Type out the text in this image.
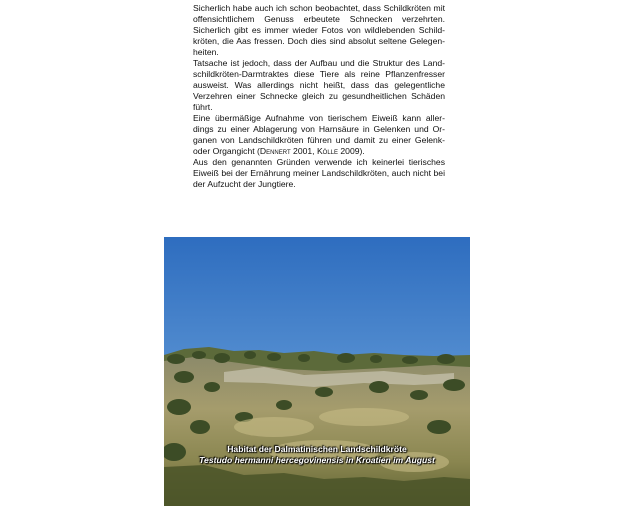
Sicherlich habe auch ich schon beobachtet, dass Schildkröten mit offensichtlichem Genuss erbeutete Schnecken verzehrten. Sicherlich gibt es immer wieder Fotos von wildlebenden Schildkröten, die Aas fressen. Doch dies sind absolut seltene Gelegenheiten.

Tatsache ist jedoch, dass der Aufbau und die Struktur des Landschildkröten-Darmtraktes diese Tiere als reine Pflanzenfresser ausweist. Was allerdings nicht heißt, dass das gelegentliche Verzehren einer Schnecke gleich zu gesundheitlichen Schäden führt.

Eine übermäßige Aufnahme von tierischem Eiweiß kann allerdings zu einer Ablagerung von Harnsäure in Gelenken und Organen von Landschildkröten führen und damit zu einer Gelenk- oder Organgicht (Dennert 2001, Kölle 2009).

Aus den genannten Gründen verwende ich keinerlei tierisches Eiweiß bei der Ernährung meiner Landschildkröten, auch nicht bei der Aufzucht der Jungtiere.

Habitat der Dalmatinischen Landschildkröte
Testudo hermanni hercegovinensis in Kroatien im August
